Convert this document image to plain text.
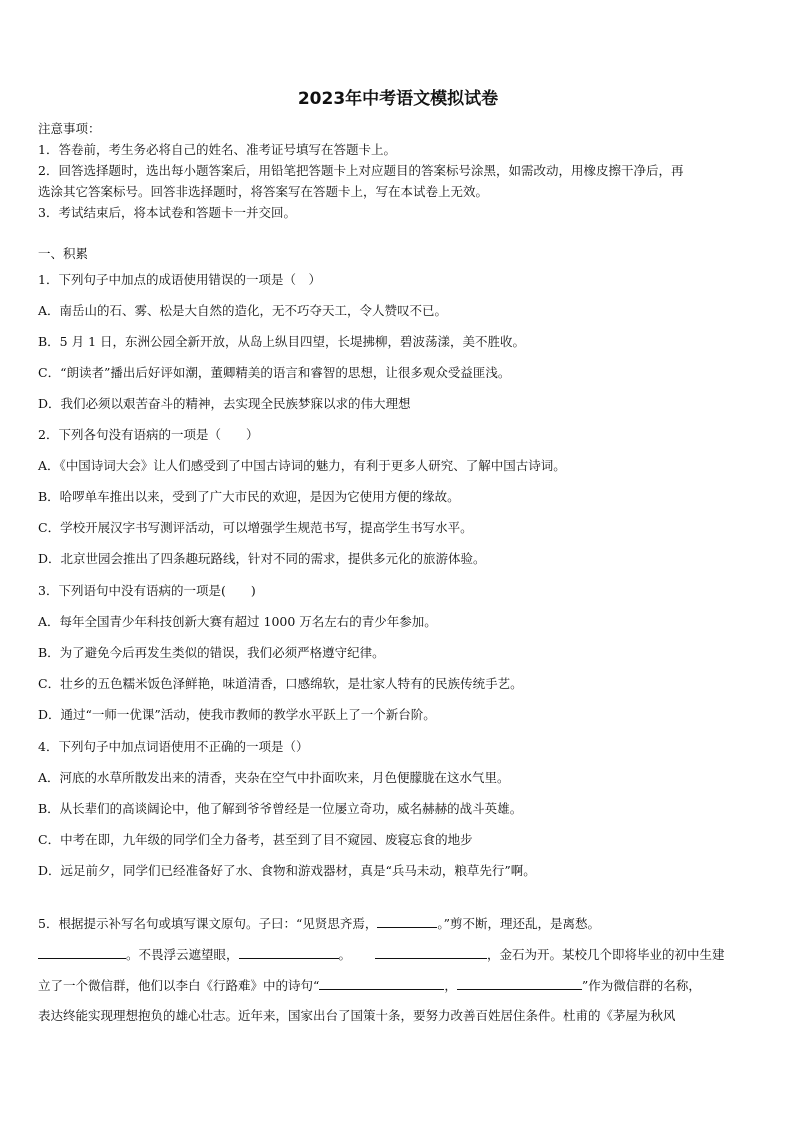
2023年中考语文模拟试卷
注意事项：
1．答卷前，考生务必将自己的姓名、准考证号填写在答题卡上。
2．回答选择题时，选出每小题答案后，用铅笔把答题卡上对应题目的答案标号涂黑，如需改动，用橡皮擦干净后，再
选涂其它答案标号。回答非选择题时，将答案写在答题卡上，写在本试卷上无效。
3．考试结束后，将本试卷和答题卡一并交回。
一、积累
1．下列句子中加点的成语使用错误的一项是（　）
A．南岳山的石、雾、松是大自然的造化，无不巧夺天工，令人赞叹不已。
B．5 月 1 日，东洲公园全新开放，从岛上纵目四望，长堤拂柳，碧波荡漾，美不胜收。
C．“朗读者”播出后好评如潮，董卿精美的语言和睿智的思想，让很多观众受益匪浅。
D．我们必须以艰苦奋斗的精神，去实现全民族梦寐以求的伟大理想
2．下列各句没有语病的一项是（　　）
A．《中国诗词大会》让人们感受到了中国古诗词的魅力，有利于更多人研究、了解中国古诗词。
B．哈啰单车推出以来，受到了广大市民的欢迎，是因为它使用方便的缘故。
C．学校开展汉字书写测评活动，可以增强学生规范书写，提高学生书写水平。
D．北京世园会推出了四条趣玩路线，针对不同的需求，提供多元化的旅游体验。
3．下列语句中没有语病的一项是(　　)
A．每年全国青少年科技创新大赛有超过 1000 万名左右的青少年参加。
B．为了避免今后再发生类似的错误，我们必须严格遵守纪律。
C．壮乡的五色糯米饭色泽鲜艳，味道清香，口感绵软，是壮家人特有的民族传统手艺。
D．通过“一师一优课”活动，使我市教师的教学水平跃上了一个新台阶。
4．下列句子中加点词语使用不正确的一项是（）
A．河底的水草所散发出来的清香，夹杂在空气中扑面吹来，月色便朦胧在这水气里。
B．从长辈们的高谈阔论中，他了解到爷爷曾经是一位屡立奇功，威名赫赫的战斗英雄。
C．中考在即，九年级的同学们全力备考，甚至到了目不窥园、废寝忘食的地步
D．远足前夕，同学们已经准备好了水、食物和游戏器材，真是“兵马未动，粮草先行”啊。
5．根据提示补写名句或填写课文原句。子曰：“见贤思齐焉，	。”剪不断，理还乱，是离愁。
。不畏浮云遮望眼，	。	，金石为开。某校几个即将毕业的初中生建
立了一个微信群，他们以李白《行路难》中的诗句“	，	”作为微信群的名称，
表达终能实现理想抱负的雄心壮志。近年来，国家出台了国策十条，要努力改善百姓居住条件。杜甫的《茅屋为秋风
